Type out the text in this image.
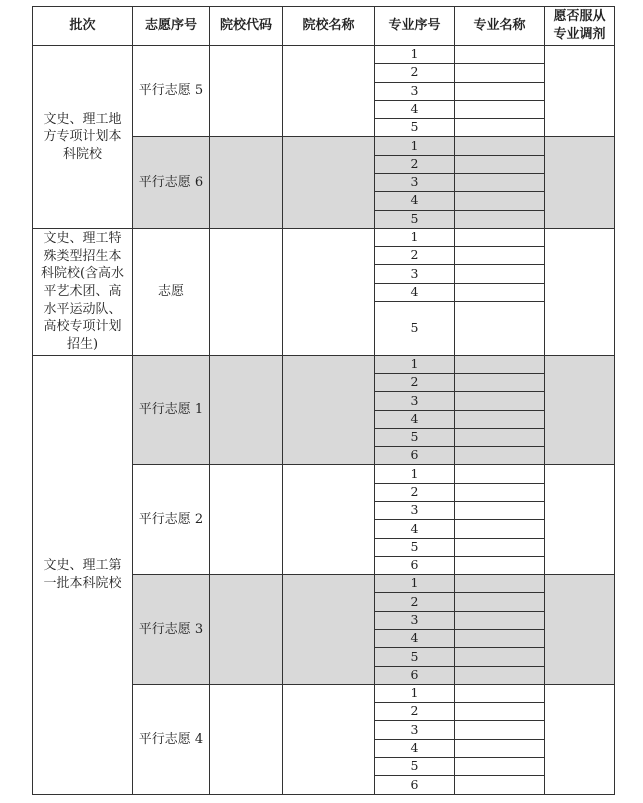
批次	志愿序号	院校代码	院校名称	专业序号	专业名称	愿否服从
专业调剂
文史、理工地方专项计划本科院校	平行志愿 5			1		
				2		
				3		
				4		
				5		
	平行志愿 6			1		
				2		
				3		
				4		
				5		
文史、理工特殊类型招生本科院校(含高水平艺术团、高水平运动队、高校专项计划招生)	志愿			1		
				2		
				3		
				4		
				5		
文史、理工第一批本科院校	平行志愿 1			1		
				2		
				3		
				4		
				5		
				6		
	平行志愿 2			1		
				2		
				3		
				4		
				5		
				6		
	平行志愿 3			1		
				2		
				3		
				4		
				5		
				6		
	平行志愿 4			1		
				2		
				3		
				4		
				5		
				6		
